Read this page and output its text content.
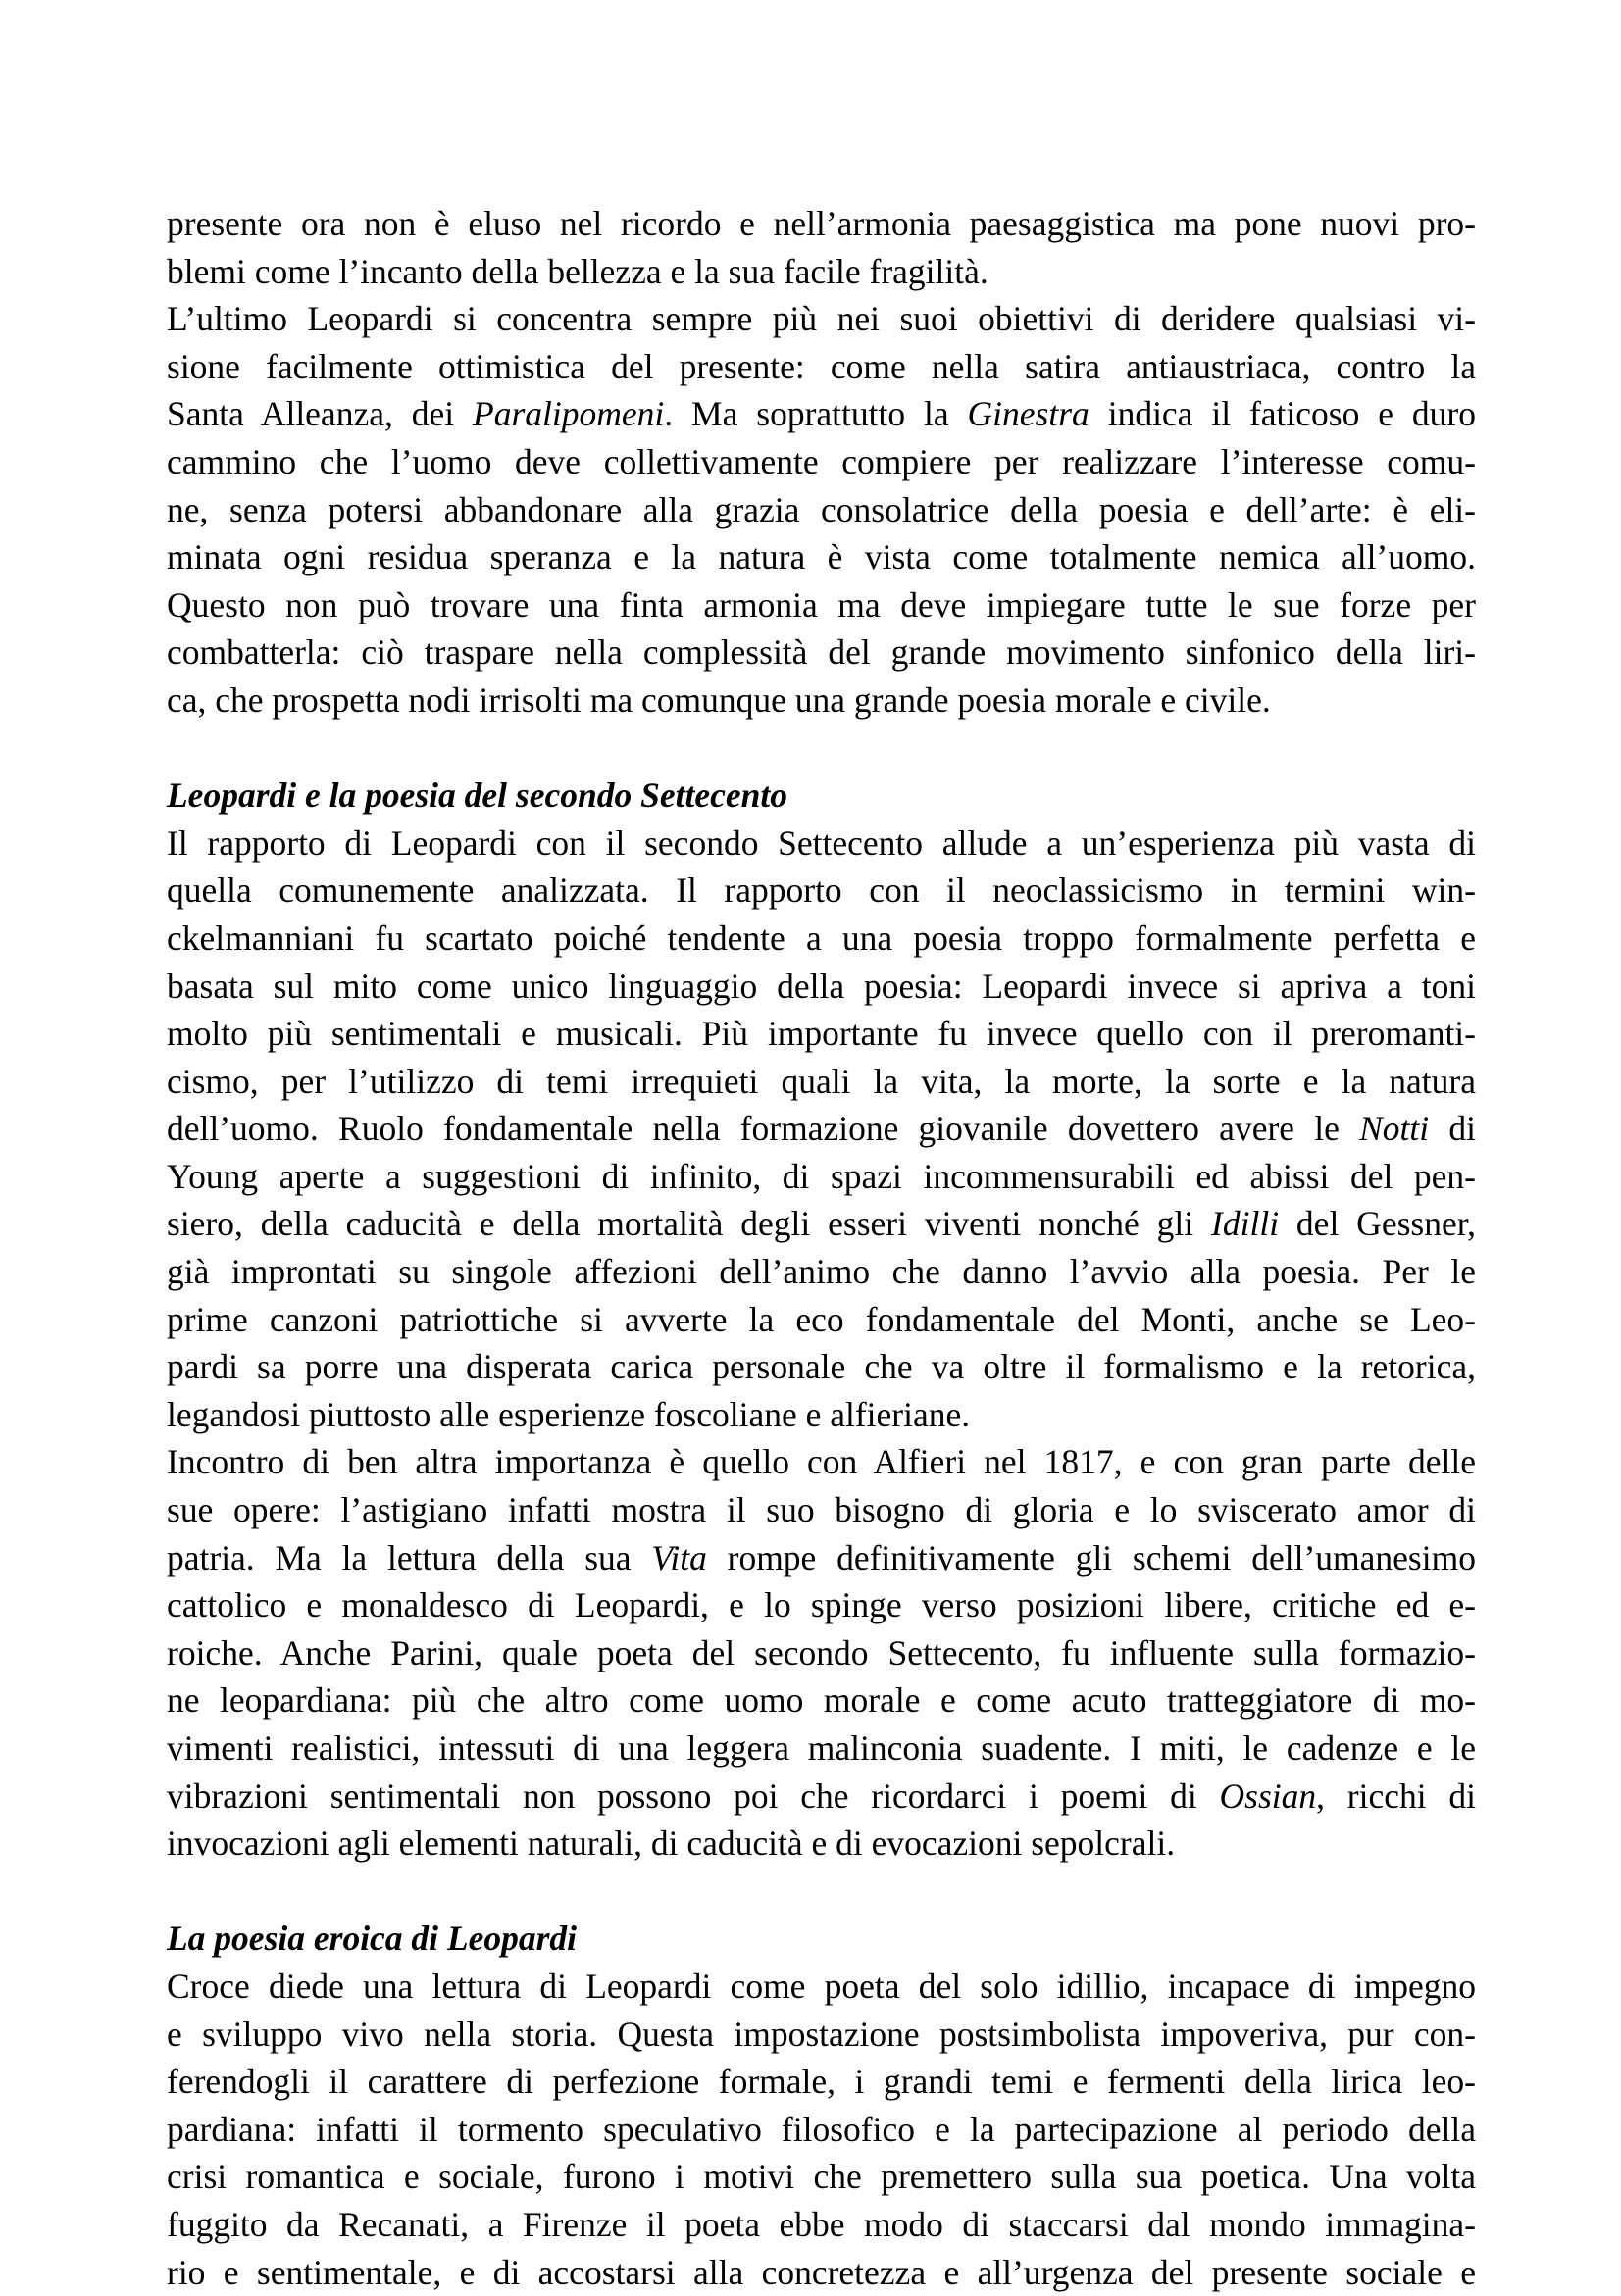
presente ora non è eluso nel ricordo e nell’armonia paesaggistica ma pone nuovi pro-
blemi come l’incanto della bellezza e la sua facile fragilità.
L’ultimo Leopardi si concentra sempre più nei suoi obiettivi di deridere qualsiasi vi-
sione facilmente ottimistica del presente: come nella satira antiaustriaca, contro la
Santa Alleanza, dei Paralipomeni. Ma soprattutto la Ginestra indica il faticoso e duro
cammino che l’uomo deve collettivamente compiere per realizzare l’interesse comu-
ne, senza potersi abbandonare alla grazia consolatrice della poesia e dell’arte: è eli-
minata ogni residua speranza e la natura è vista come totalmente nemica all’uomo.
Questo non può trovare una finta armonia ma deve impiegare tutte le sue forze per
combatterla: ciò traspare nella complessità del grande movimento sinfonico della liri-
ca, che prospetta nodi irrisolti ma comunque una grande poesia morale e civile.
Leopardi e la poesia del secondo Settecento
Il rapporto di Leopardi con il secondo Settecento allude a un’esperienza più vasta di
quella comunemente analizzata. Il rapporto con il neoclassicismo in termini win-
ckelmanniani fu scartato poiché tendente a una poesia troppo formalmente perfetta e
basata sul mito come unico linguaggio della poesia: Leopardi invece si apriva a toni
molto più sentimentali e musicali. Più importante fu invece quello con il preromanti-
cismo, per l’utilizzo di temi irrequieti quali la vita, la morte, la sorte e la natura
dell’uomo. Ruolo fondamentale nella formazione giovanile dovettero avere le Notti di
Young aperte a suggestioni di infinito, di spazi incommensurabili ed abissi del pen-
siero, della caducità e della mortalità degli esseri viventi nonché gli Idilli del Gessner,
già improntati su singole affezioni dell’animo che danno l’avvio alla poesia. Per le
prime canzoni patriottiche si avverte la eco fondamentale del Monti, anche se Leo-
pardi sa porre una disperata carica personale che va oltre il formalismo e la retorica,
legandosi piuttosto alle esperienze foscoliane e alfieriane.
Incontro di ben altra importanza è quello con Alfieri nel 1817, e con gran parte delle
sue opere: l’astigiano infatti mostra il suo bisogno di gloria e lo sviscerato amor di
patria. Ma la lettura della sua Vita rompe definitivamente gli schemi dell’umanesimo
cattolico e monaldesco di Leopardi, e lo spinge verso posizioni libere, critiche ed e-
roiche. Anche Parini, quale poeta del secondo Settecento, fu influente sulla formazio-
ne leopardiana: più che altro come uomo morale e come acuto tratteggiatore di mo-
vimenti realistici, intessuti di una leggera malinconia suadente. I miti, le cadenze e le
vibrazioni sentimentali non possono poi che ricordarci i poemi di Ossian, ricchi di
invocazioni agli elementi naturali, di caducità e di evocazioni sepolcrali.
La poesia eroica di Leopardi
Croce diede una lettura di Leopardi come poeta del solo idillio, incapace di impegno
e sviluppo vivo nella storia. Questa impostazione postsimbolista impoveriva, pur con-
ferendogli il carattere di perfezione formale, i grandi temi e fermenti della lirica leo-
pardiana: infatti il tormento speculativo filosofico e la partecipazione al periodo della
crisi romantica e sociale, furono i motivi che premettero sulla sua poetica. Una volta
fuggito da Recanati, a Firenze il poeta ebbe modo di staccarsi dal mondo immagina-
rio e sentimentale, e di accostarsi alla concretezza e all’urgenza del presente sociale e
